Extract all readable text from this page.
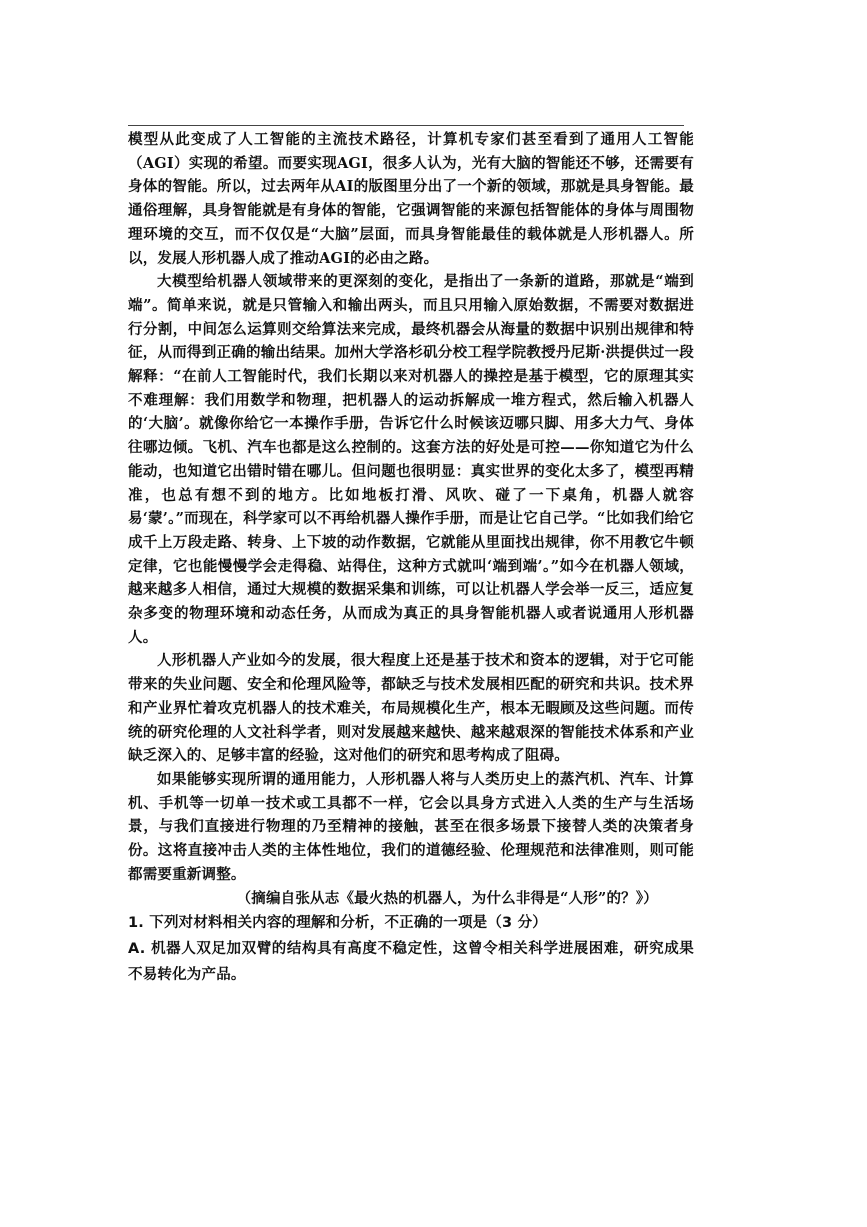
模型从此变成了人工智能的主流技术路径，计算机专家们甚至看到了通用人工智能（AGI）实现的希望。而要实现AGI，很多人认为，光有大脑的智能还不够，还需要有身体的智能。所以，过去两年从AI的版图里分出了一个新的领域，那就是具身智能。最通俗理解，具身智能就是有身体的智能，它强调智能的来源包括智能体的身体与周围物理环境的交互，而不仅仅是“大脑”层面，而具身智能最佳的载体就是人形机器人。所以，发展人形机器人成了推动AGI的必由之路。

大模型给机器人领域带来的更深刻的变化，是指出了一条新的道路，那就是“端到端”。简单来说，就是只管输入和输出两头，而且只用输入原始数据，不需要对数据进行分割，中间怎么运算则交给算法来完成，最终机器会从海量的数据中识别出规律和特征，从而得到正确的输出结果。加州大学洛杉矶分校工程学院教授丹尼斯·洪提供过一段解释：“在前人工智能时代，我们长期以来对机器人的操控是基于模型，它的原理其实不难理解：我们用数学和物理，把机器人的运动拆解成一堆方程式，然后输入机器人的‘大脑’。就像你给它一本操作手册，告诉它什么时候该迈哪只脚、用多大力气、身体往哪边倾。飞机、汽车也都是这么控制的。这套方法的好处是可控——你知道它为什么能动，也知道它出错时错在哪儿。但问题也很明显：真实世界的变化太多了，模型再精准，也总有想不到的地方。比如地板打滑、风吹、碰了一下桌角，机器人就容易‘蒙’。”而现在，科学家可以不再给机器人操作手册，而是让它自己学。“比如我们给它成千上万段走路、转身、上下坡的动作数据，它就能从里面找出规律，你不用教它牛顿定律，它也能慢慢学会走得稳、站得住，这种方式就叫‘端到端’。”如今在机器人领域，越来越多人相信，通过大规模的数据采集和训练，可以让机器人学会举一反三，适应复杂多变的物理环境和动态任务，从而成为真正的具身智能机器人或者说通用人形机器人。

人形机器人产业如今的发展，很大程度上还是基于技术和资本的逻辑，对于它可能带来的失业问题、安全和伦理风险等，都缺乏与技术发展相匹配的研究和共识。技术界和产业界忙着攻克机器人的技术难关，布局规模化生产，根本无暇顾及这些问题。而传统的研究伦理的人文社科学者，则对发展越来越快、越来越艰深的智能技术体系和产业缺乏深入的、足够丰富的经验，这对他们的研究和思考构成了阻碍。

如果能够实现所谓的通用能力，人形机器人将与人类历史上的蒸汽机、汽车、计算机、手机等一切单一技术或工具都不一样，它会以具身方式进入人类的生产与生活场景，与我们直接进行物理的乃至精神的接触，甚至在很多场景下接替人类的决策者身份。这将直接冲击人类的主体性地位，我们的道德经验、伦理规范和法律准则，则可能都需要重新调整。

（摘编自张从志《最火热的机器人，为什么非得是“人形”的？》）

1. 下列对材料相关内容的理解和分析，不正确的一项是（3 分）

A. 机器人双足加双臂的结构具有高度不稳定性，这曾令相关科学进展困难，研究成果不易转化为产品。
